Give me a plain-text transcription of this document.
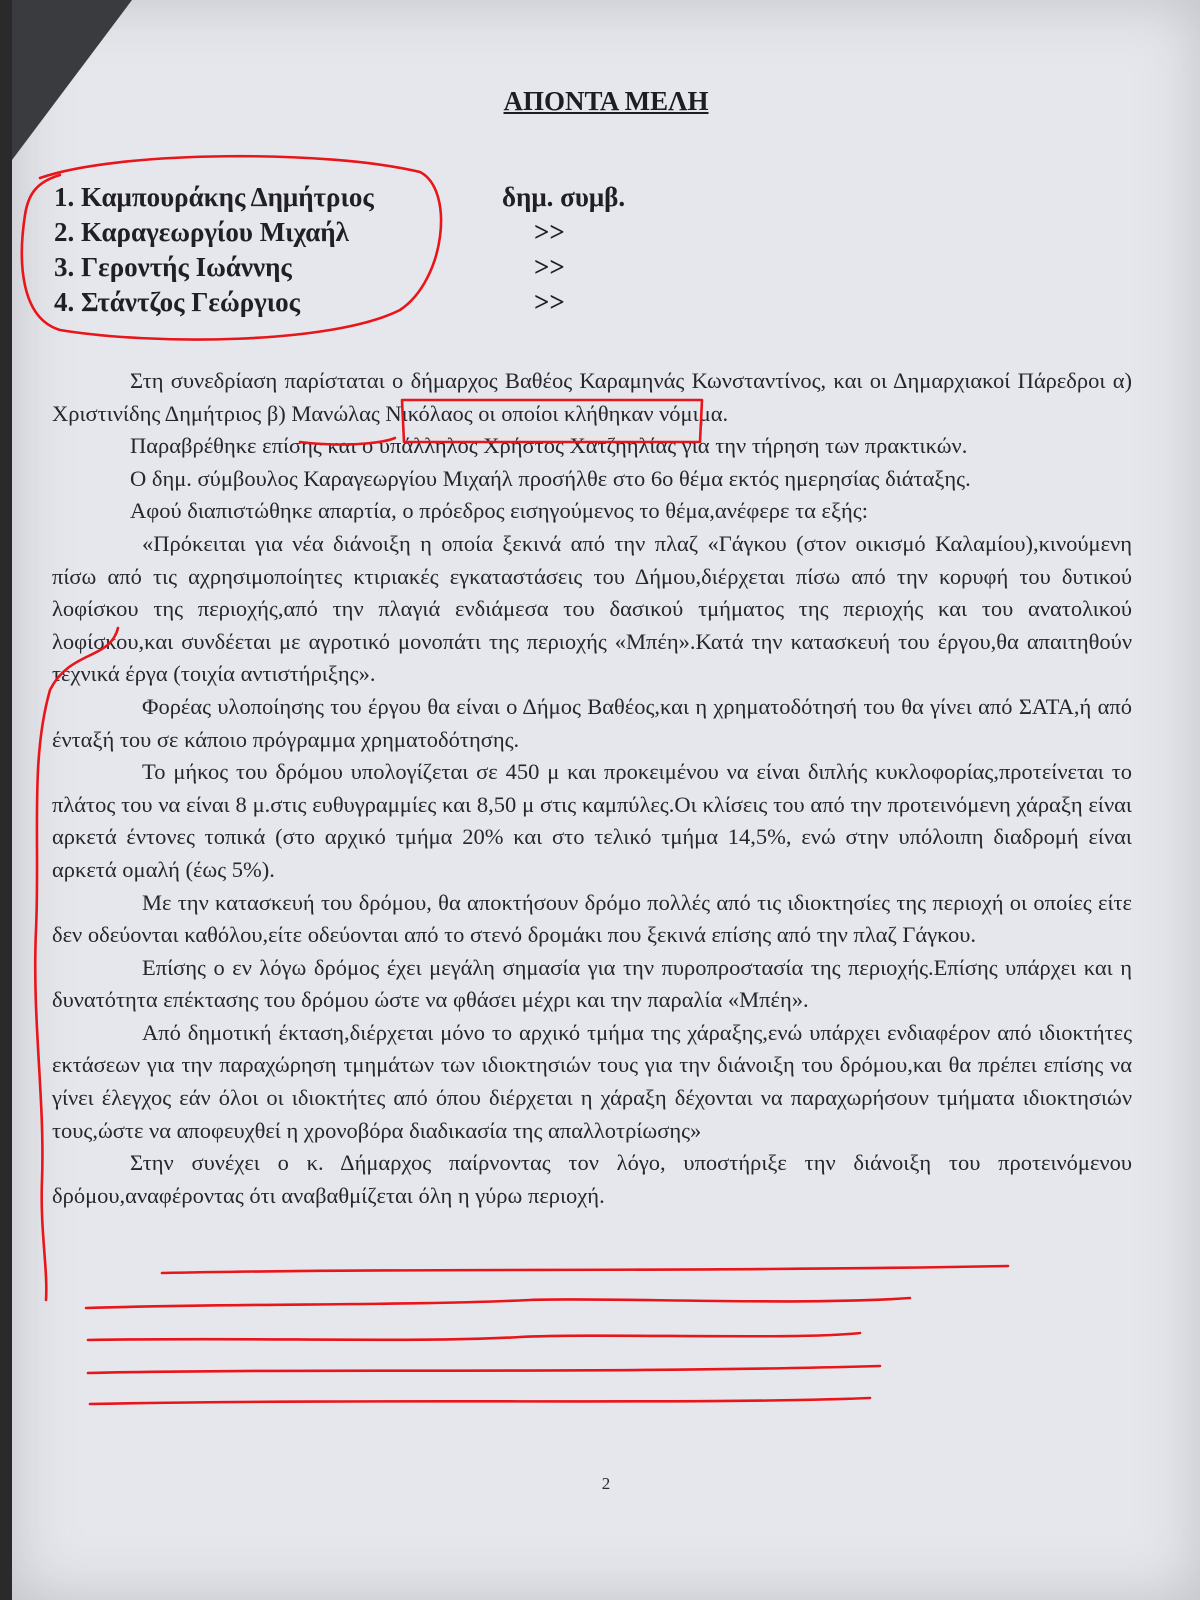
ΑΠΟΝΤΑ ΜΕΛΗ
1. Καμπουράκης Δημήτριος	δημ. συμβ.
2. Καραγεωργίου Μιχαήλ	>>
3. Γεροντής Ιωάννης	>>
4. Στάντζος Γεώργιος	>>

Στη συνεδρίαση παρίσταται ο δήμαρχος Βαθέος Καραμηνάς Κωνσταντίνος, και οι Δημαρχιακοί Πάρεδροι α) Χριστινίδης Δημήτριος β) Μανώλας Νικόλαος οι οποίοι κλήθηκαν νόμιμα.

Παραβρέθηκε επίσης και ο υπάλληλος Χρήστος Χατζηηλίας για την τήρηση των πρακτικών.

Ο δημ. σύμβουλος Καραγεωργίου Μιχαήλ προσήλθε στο 6ο θέμα εκτός ημερησίας διάταξης.

Αφού διαπιστώθηκε απαρτία, ο πρόεδρος εισηγούμενος το θέμα,ανέφερε τα εξής:

«Πρόκειται για νέα διάνοιξη η οποία ξεκινά από την πλαζ «Γάγκου (στον οικισμό Καλαμίου),κινούμενη πίσω από τις αχρησιμοποίητες κτιριακές εγκαταστάσεις του Δήμου,διέρχεται πίσω από την κορυφή του δυτικού λοφίσκου της περιοχής,από την πλαγιά ενδιάμεσα του δασικού τμήματος της περιοχής και του ανατολικού λοφίσκου,και συνδέεται με αγροτικό μονοπάτι της περιοχής «Μπέη».Κατά την κατασκευή του έργου,θα απαιτηθούν τεχνικά έργα (τοιχία αντιστήριξης».

Φορέας υλοποίησης του έργου θα είναι ο Δήμος Βαθέος,και η χρηματοδότησή του θα γίνει από ΣΑΤΑ,ή από ένταξή του σε κάποιο πρόγραμμα χρηματοδότησης.

Το μήκος του δρόμου υπολογίζεται σε 450 μ και προκειμένου να είναι διπλής κυκλοφορίας,προτείνεται το πλάτος του να είναι 8 μ.στις ευθυγραμμίες και 8,50 μ στις καμπύλες.Οι κλίσεις του από την προτεινόμενη χάραξη είναι αρκετά έντονες τοπικά (στο αρχικό τμήμα 20% και στο τελικό τμήμα 14,5%, ενώ στην υπόλοιπη διαδρομή είναι αρκετά ομαλή (έως 5%).

Με την κατασκευή του δρόμου, θα αποκτήσουν δρόμο πολλές από τις ιδιοκτησίες της περιοχή οι οποίες είτε δεν οδεύονται καθόλου,είτε οδεύονται από το στενό δρομάκι που ξεκινά επίσης από την πλαζ Γάγκου.

Επίσης ο εν λόγω δρόμος έχει μεγάλη σημασία για την πυροπροστασία της περιοχής.Επίσης υπάρχει και η δυνατότητα επέκτασης του δρόμου ώστε να φθάσει μέχρι και την παραλία «Μπέη».

Από δημοτική έκταση,διέρχεται μόνο το αρχικό τμήμα της χάραξης,ενώ υπάρχει ενδιαφέρον από ιδιοκτήτες εκτάσεων για την παραχώρηση τμημάτων των ιδιοκτησιών τους για την διάνοιξη του δρόμου,και θα πρέπει επίσης να γίνει έλεγχος εάν όλοι οι ιδιοκτήτες από όπου διέρχεται η χάραξη δέχονται να παραχωρήσουν τμήματα ιδιοκτησιών τους,ώστε να αποφευχθεί η χρονοβόρα διαδικασία της απαλλοτρίωσης»

Στην συνέχει ο κ. Δήμαρχος παίρνοντας τον λόγο, υποστήριξε την διάνοιξη του προτεινόμενου δρόμου,αναφέροντας ότι αναβαθμίζεται όλη η γύρω περιοχή.

2
